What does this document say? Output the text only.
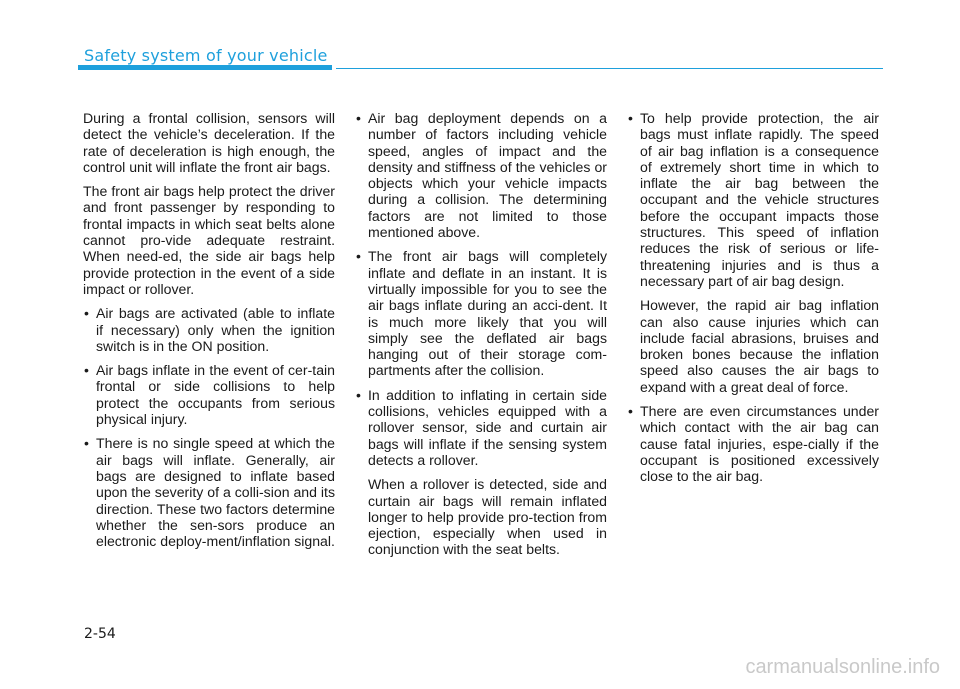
Safety system of your vehicle

During a frontal collision, sensors will detect the vehicle’s deceleration. If the rate of deceleration is high enough, the control unit will inflate the front air bags.

The front air bags help protect the driver and front passenger by responding to frontal impacts in which seat belts alone cannot pro-vide adequate restraint. When need-ed, the side air bags help provide protection in the event of a side impact or rollover.

• Air bags are activated (able to inflate if necessary) only when the ignition switch is in the ON position.

• Air bags inflate in the event of cer-tain frontal or side collisions to help protect the occupants from serious physical injury.

• There is no single speed at which the air bags will inflate. Generally, air bags are designed to inflate based upon the severity of a colli-sion and its direction. These two factors determine whether the sen-sors produce an electronic deploy-ment/inflation signal.

• Air bag deployment depends on a number of factors including vehicle speed, angles of impact and the density and stiffness of the vehicles or objects which your vehicle impacts during a collision. The determining factors are not limited to those mentioned above.

• The front air bags will completely inflate and deflate in an instant. It is virtually impossible for you to see the air bags inflate during an acci-dent. It is much more likely that you will simply see the deflated air bags hanging out of their storage com-partments after the collision.

• In addition to inflating in certain side collisions, vehicles equipped with a rollover sensor, side and curtain air bags will inflate if the sensing system detects a rollover.

When a rollover is detected, side and curtain air bags will remain inflated longer to help provide pro-tection from ejection, especially when used in conjunction with the seat belts.

• To help provide protection, the air bags must inflate rapidly. The speed of air bag inflation is a consequence of extremely short time in which to inflate the air bag between the occupant and the vehicle structures before the occupant impacts those structures. This speed of inflation reduces the risk of serious or life-threatening injuries and is thus a necessary part of air bag design.

However, the rapid air bag inflation can also cause injuries which can include facial abrasions, bruises and broken bones because the inflation speed also causes the air bags to expand with a great deal of force.

• There are even circumstances under which contact with the air bag can cause fatal injuries, espe-cially if the occupant is positioned excessively close to the air bag.

2-54
carmanualsonline.info
